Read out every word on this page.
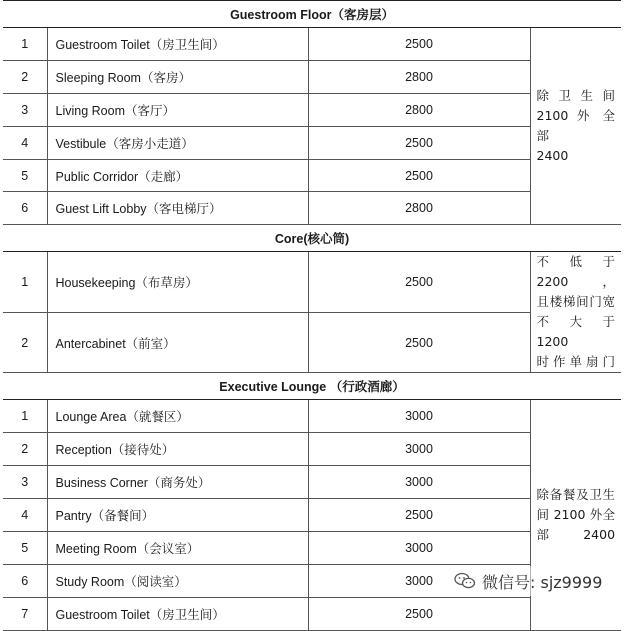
Guestroom Floor（客房层）			
1	Guestroom Toilet（房卫生间）	2500	除 卫 生 间
2100 外 全 部
2400

2	Sleeping Room（客房）	2800	
3	Living Room（客厅）	2800	
4	Vestibule（客房小走道）	2500	
5	Public Corridor（走廊）	2500	
6	Guest Lift Lobby（客电梯厅）	2800	
Core(核心筒)			
1	Housekeeping（布草房）	2500	不低于 2200，
且楼梯间门宽
不 大 于 1200
时作单扇门

2	Antercabinet（前室）	2500	
Executive Lounge （行政酒廊）			
1	Lounge Area（就餐区）	3000	除备餐及卫生
间 2100 外全
部 2400

2	Reception（接待处）	3000	
3	Business Corner（商务处）	3000	
4	Pantry（备餐间）	2500	
5	Meeting Room（会议室）	3000	
6	Study Room（阅读室）	3000	
7	Guestroom Toilet（房卫生间）	2500	
微信号: sjz9999
